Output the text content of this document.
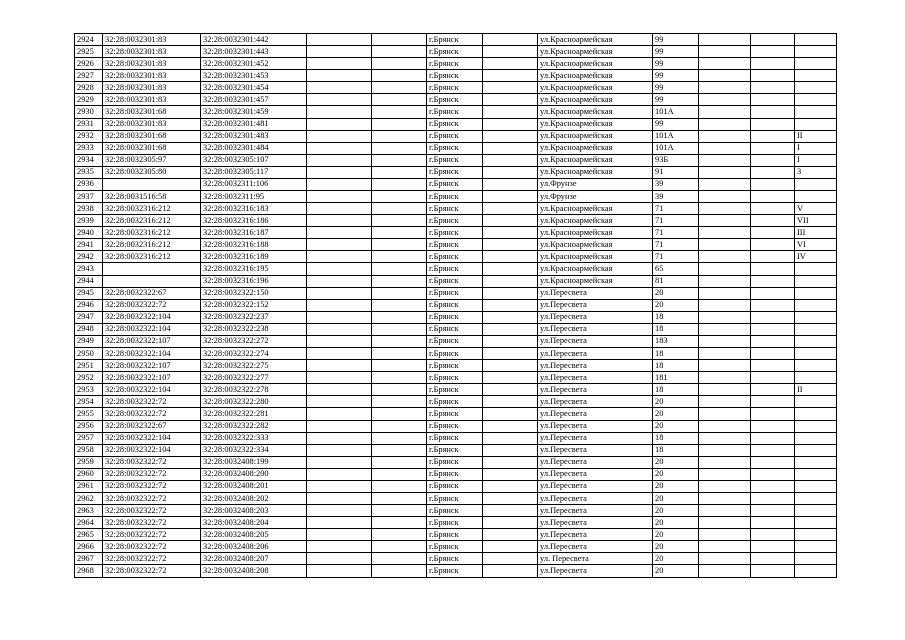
2924	32:28:0032301:83	32:28:0032301:442			г.Брянск		ул.Красноармейская	99			
2925	32:28:0032301:83	32:28:0032301:443			г.Брянск		ул.Красноармейская	99			
2926	32:28:0032301:83	32:28:0032301:452			г.Брянск		ул.Красноармейская	99			
2927	32:28:0032301:83	32:28:0032301:453			г.Брянск		ул.Красноармейская	99			
2928	32:28:0032301:83	32:28:0032301:454			г.Брянск		ул.Красноармейская	99			
2929	32:28:0032301:83	32:28:0032301:457			г.Брянск		ул.Красноармейская	99			
2930	32:28:0032301:68	32:28:0032301:459			г.Брянск		ул.Красноармейская	101А			
2931	32:28:0032301:83	32:28:0032301:481			г.Брянск		ул.Красноармейская	99			
2932	32:28:0032301:68	32:28:0032301:483			г.Брянск		ул.Красноармейская	101А			II
2933	32:28:0032301:68	32:28:0032301:484			г.Брянск		ул.Красноармейская	101А			I
2934	32:28:0032305:97	32:28:0032305:107			г.Брянск		ул.Красноармейская	93Б			I
2935	32:28:0032305:80	32:28:0032305:117			г.Брянск		ул.Красноармейская	91			3
2936		32:28:0032311:106			г.Брянск		ул.Фрунзе	39			
2937	32:28:0031516:58	32:28:0032311:95			г.Брянск		ул.Фрунзе	39			
2938	32:28:0032316:212	32:28:0032316:183			г.Брянск		ул.Красноармейская	71			V
2939	32:28:0032316:212	32:28:0032316:186			г.Брянск		ул.Красноармейская	71			VII
2940	32:28:0032316:212	32:28:0032316:187			г.Брянск		ул.Красноармейская	71			III
2941	32:28:0032316:212	32:28:0032316:188			г.Брянск		ул.Красноармейская	71			VI
2942	32:28:0032316:212	32:28:0032316:189			г.Брянск		ул.Красноармейская	71			IV
2943		32:28:0032316:195			г.Брянск		ул.Красноармейская	65			
2944		32:28:0032316:196			г.Брянск		ул.Красноармейская	81			
2945	32:28:0032322:67	32:28:0032322:150			г.Брянск		ул.Пересвета	20			
2946	32:28:0032322:72	32:28:0032322:152			г.Брянск		ул.Пересвета	20			
2947	32:28:0032322:104	32:28:0032322:237			г.Брянск		ул.Пересвета	18			
2948	32:28:0032322:104	32:28:0032322:238			г.Брянск		ул.Пересвета	18			
2949	32:28:0032322:107	32:28:0032322:272			г.Брянск		ул.Пересвета	183			
2950	32:28:0032322:104	32:28:0032322:274			г.Брянск		ул.Пересвета	18			
2951	32:28:0032322:107	32:28:0032322:275			г.Брянск		ул.Пересвета	18			
2952	32:28:0032322:107	32:28:0032322:277			г.Брянск		ул.Пересвета	181			
2953	32:28:0032322:104	32:28:0032322:278			г.Брянск		ул.Пересвета	18			II
2954	32:28:0032322:72	32:28:0032322:280			г.Брянск		ул.Пересвета	20			
2955	32:28:0032322:72	32:28:0032322:281			г.Брянск		ул.Пересвета	20			
2956	32:28:0032322:67	32:28:0032322:282			г.Брянск		ул.Пересвета	20			
2957	32:28:0032322:104	32:28:0032322:333			г.Брянск		ул.Пересвета	18			
2958	32:28:0032322:104	32:28:0032322:334			г.Брянск		ул.Пересвета	18			
2959	32:28:0032322:72	32:28:0032408:199			г.Брянск		ул.Пересвета	20			
2960	32:28:0032322:72	32:28:0032408:200			г.Брянск		ул.Пересвета	20			
2961	32:28:0032322:72	32:28:0032408:201			г.Брянск		ул.Пересвета	20			
2962	32:28:0032322:72	32:28:0032408:202			г.Брянск		ул.Пересвета	20			
2963	32:28:0032322:72	32:28:0032408:203			г.Брянск		ул.Пересвета	20			
2964	32:28:0032322:72	32:28:0032408:204			г.Брянск		ул.Пересвета	20			
2965	32:28:0032322:72	32:28:0032408:205			г.Брянск		ул.Пересвета	20			
2966	32:28:0032322:72	32:28:0032408:206			г.Брянск		ул.Пересвета	20			
2967	32:28:0032322:72	32:28:0032408:207			г.Брянск		ул. Пересвета	20			
2968	32:28:0032322:72	32:28:0032408:208			г.Брянск		ул.Пересвета	20			
